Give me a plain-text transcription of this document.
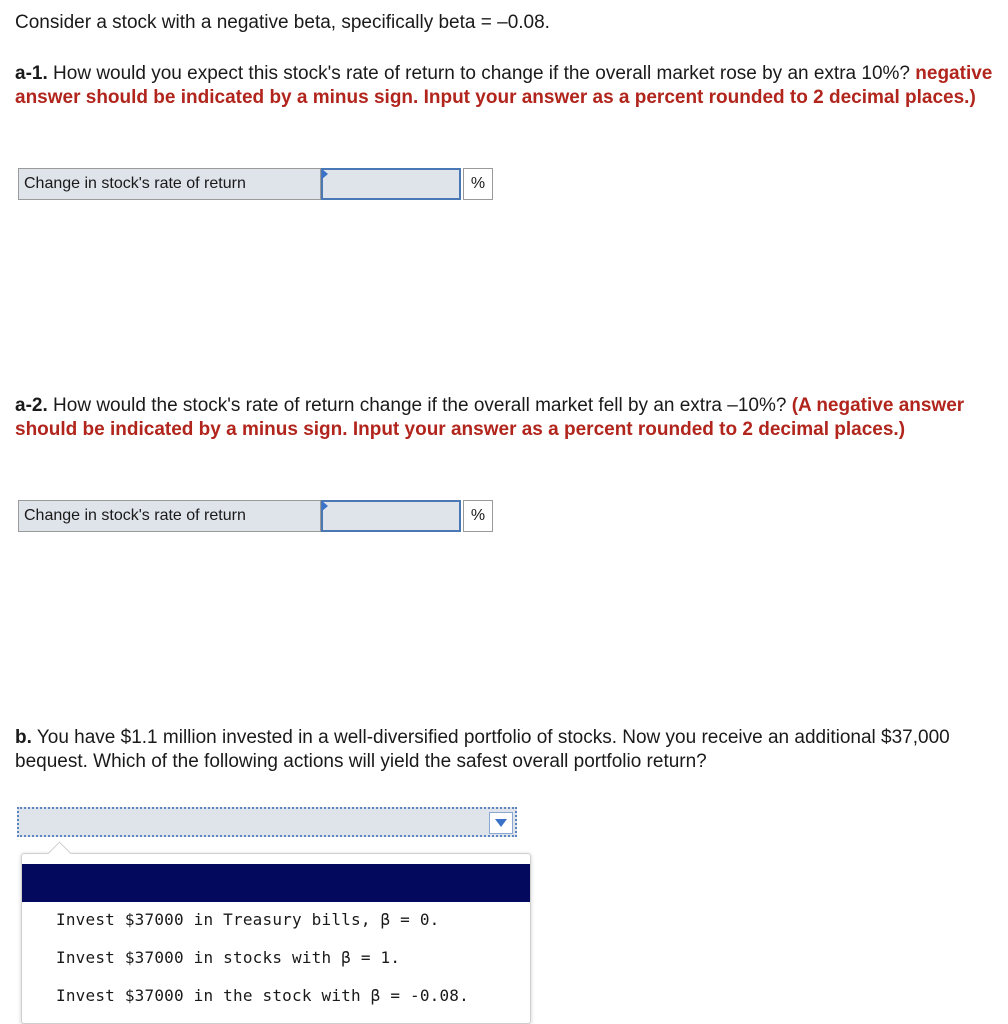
Consider a stock with a negative beta, specifically beta = –0.08.

a-1. How would you expect this stock's rate of return to change if the overall market rose by an extra 10%? negative answer should be indicated by a minus sign. Input your answer as a percent rounded to 2 decimal places.)

Change in stock's rate of return	%

a-2. How would the stock's rate of return change if the overall market fell by an extra –10%? (A negative answer should be indicated by a minus sign. Input your answer as a percent rounded to 2 decimal places.)

Change in stock's rate of return	%

b. You have $1.1 million invested in a well-diversified portfolio of stocks. Now you receive an additional $37,000 bequest. Which of the following actions will yield the safest overall portfolio return?

Invest $37000 in Treasury bills, β = 0.
Invest $37000 in stocks with β = 1.
Invest $37000 in the stock with β = -0.08.
